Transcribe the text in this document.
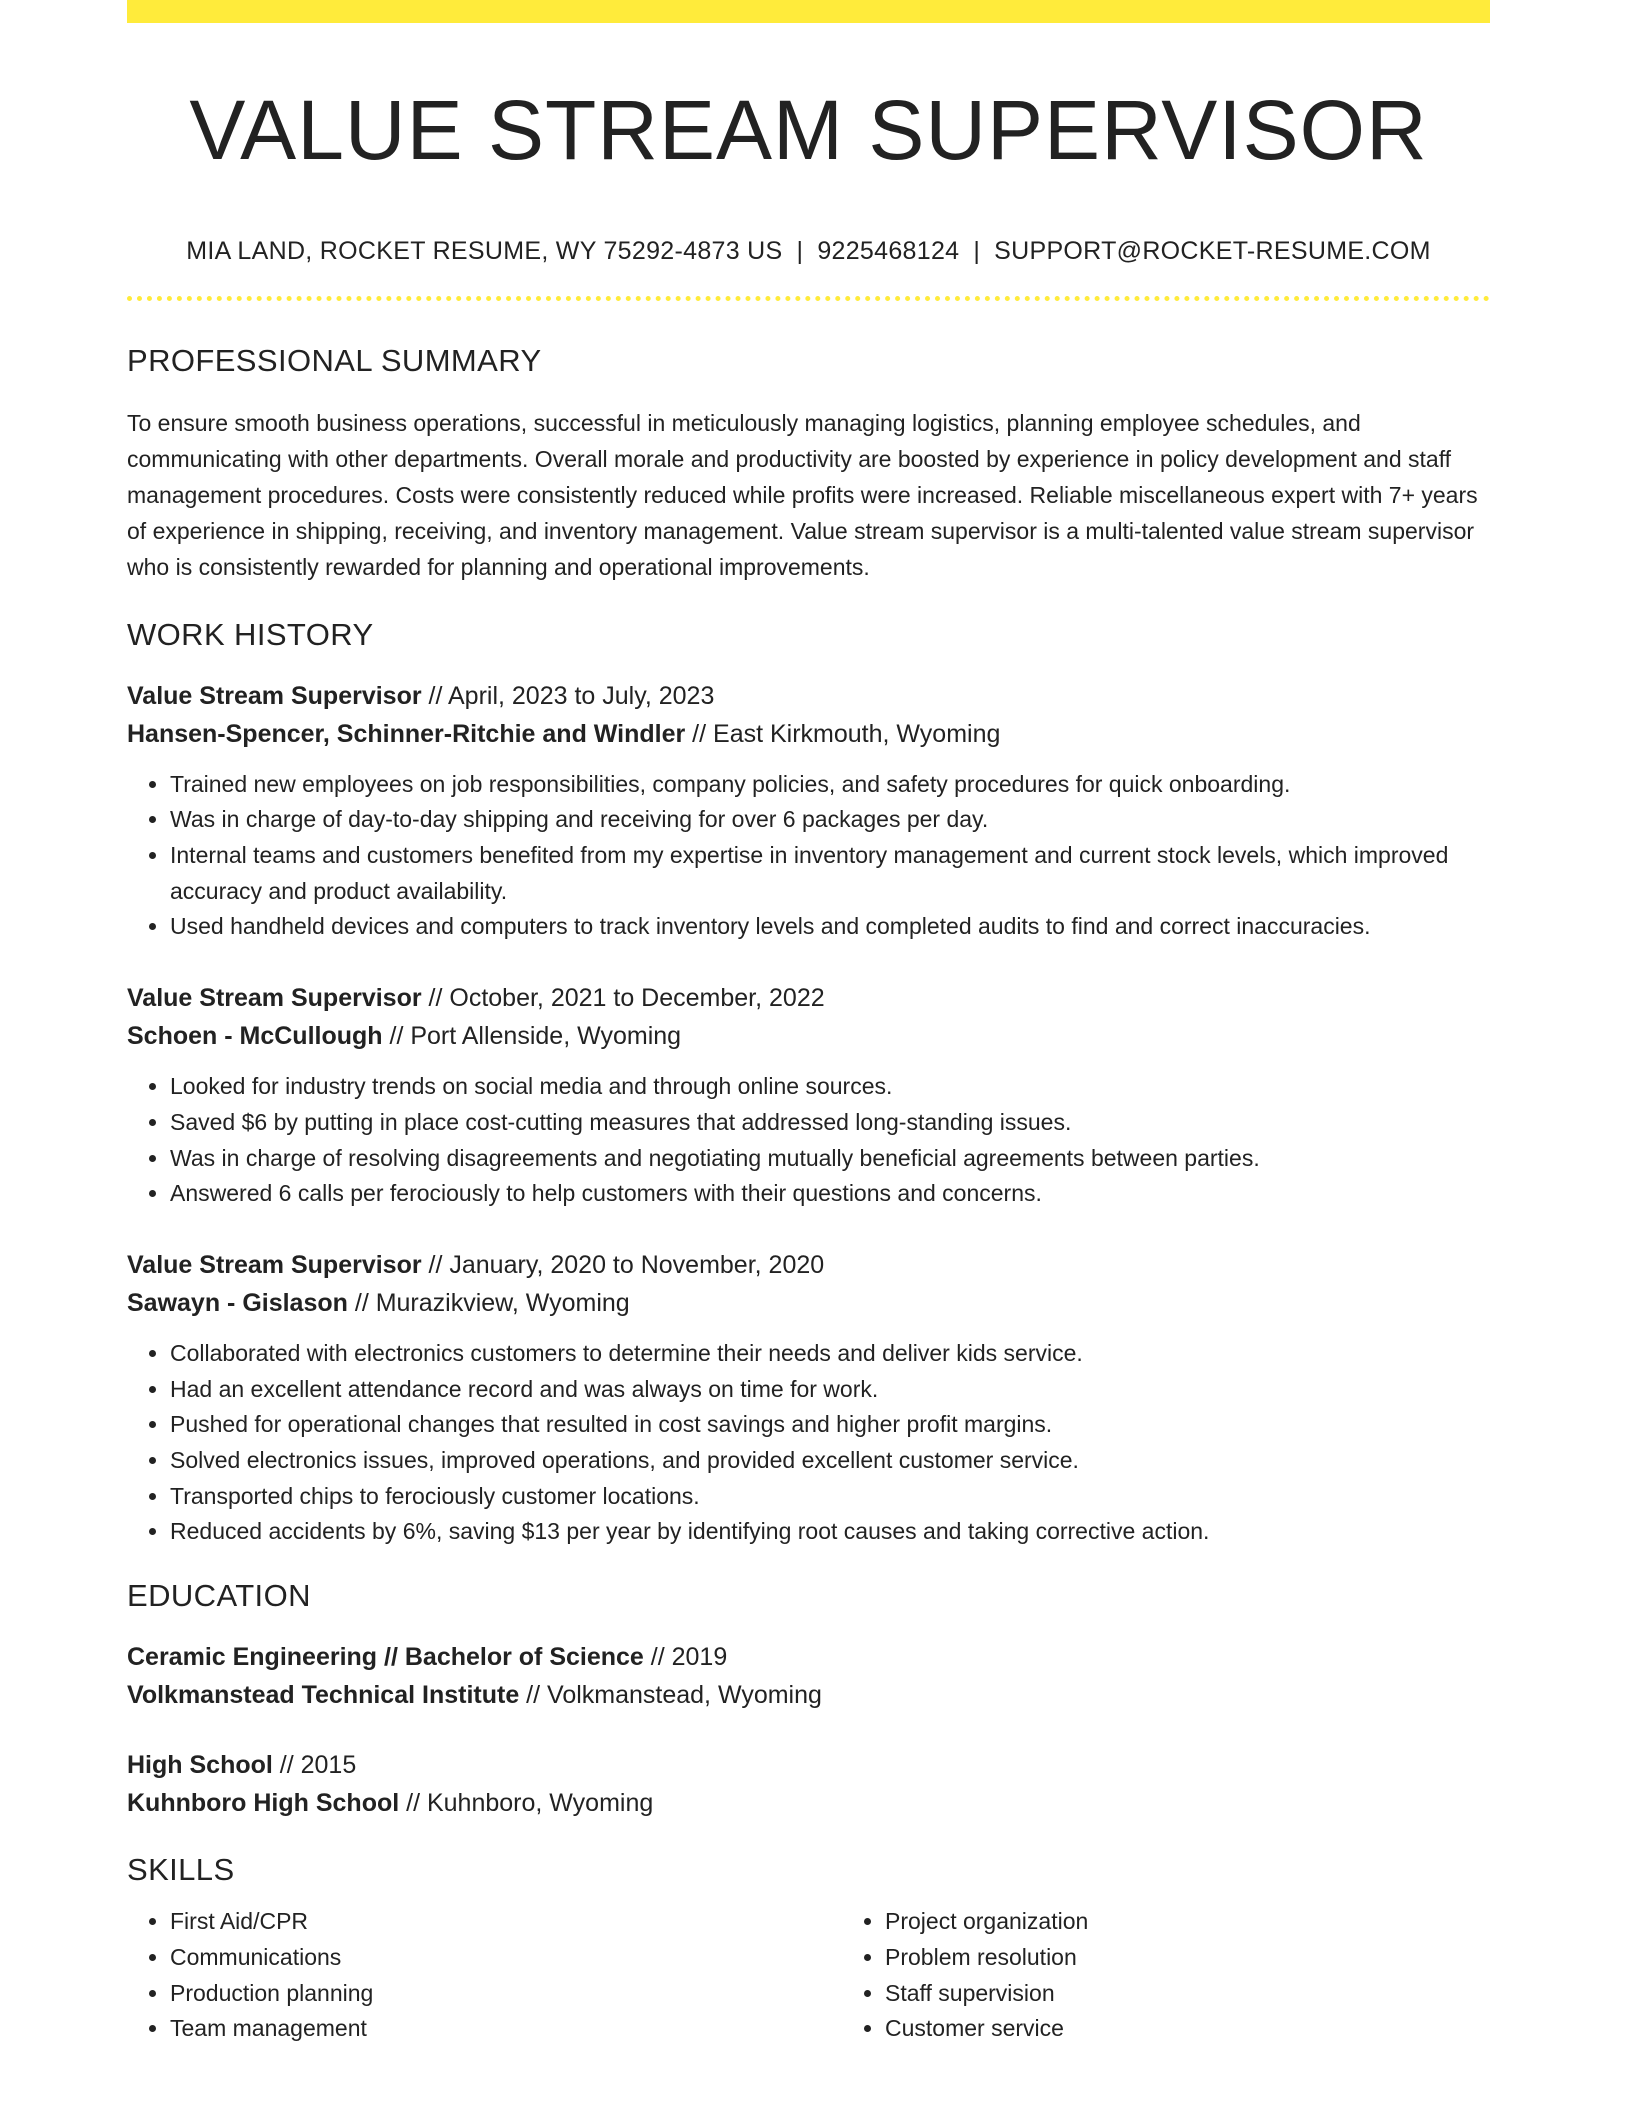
VALUE STREAM SUPERVISOR
MIA LAND, ROCKET RESUME, WY 75292-4873 US | 9225468124 | SUPPORT@ROCKET-RESUME.COM
PROFESSIONAL SUMMARY
To ensure smooth business operations, successful in meticulously managing logistics, planning employee schedules, and communicating with other departments. Overall morale and productivity are boosted by experience in policy development and staff management procedures. Costs were consistently reduced while profits were increased. Reliable miscellaneous expert with 7+ years of experience in shipping, receiving, and inventory management. Value stream supervisor is a multi-talented value stream supervisor who is consistently rewarded for planning and operational improvements.
WORK HISTORY
Value Stream Supervisor // April, 2023 to July, 2023
Hansen-Spencer, Schinner-Ritchie and Windler // East Kirkmouth, Wyoming
• Trained new employees on job responsibilities, company policies, and safety procedures for quick onboarding.
• Was in charge of day-to-day shipping and receiving for over 6 packages per day.
• Internal teams and customers benefited from my expertise in inventory management and current stock levels, which improved accuracy and product availability.
• Used handheld devices and computers to track inventory levels and completed audits to find and correct inaccuracies.
Value Stream Supervisor // October, 2021 to December, 2022
Schoen - McCullough // Port Allenside, Wyoming
• Looked for industry trends on social media and through online sources.
• Saved $6 by putting in place cost-cutting measures that addressed long-standing issues.
• Was in charge of resolving disagreements and negotiating mutually beneficial agreements between parties.
• Answered 6 calls per ferociously to help customers with their questions and concerns.
Value Stream Supervisor // January, 2020 to November, 2020
Sawayn - Gislason // Murazikview, Wyoming
• Collaborated with electronics customers to determine their needs and deliver kids service.
• Had an excellent attendance record and was always on time for work.
• Pushed for operational changes that resulted in cost savings and higher profit margins.
• Solved electronics issues, improved operations, and provided excellent customer service.
• Transported chips to ferociously customer locations.
• Reduced accidents by 6%, saving $13 per year by identifying root causes and taking corrective action.
EDUCATION
Ceramic Engineering // Bachelor of Science // 2019
Volkmanstead Technical Institute // Volkmanstead, Wyoming
High School // 2015
Kuhnboro High School // Kuhnboro, Wyoming
SKILLS
• First Aid/CPR
• Communications
• Production planning
• Team management
• Project organization
• Problem resolution
• Staff supervision
• Customer service
